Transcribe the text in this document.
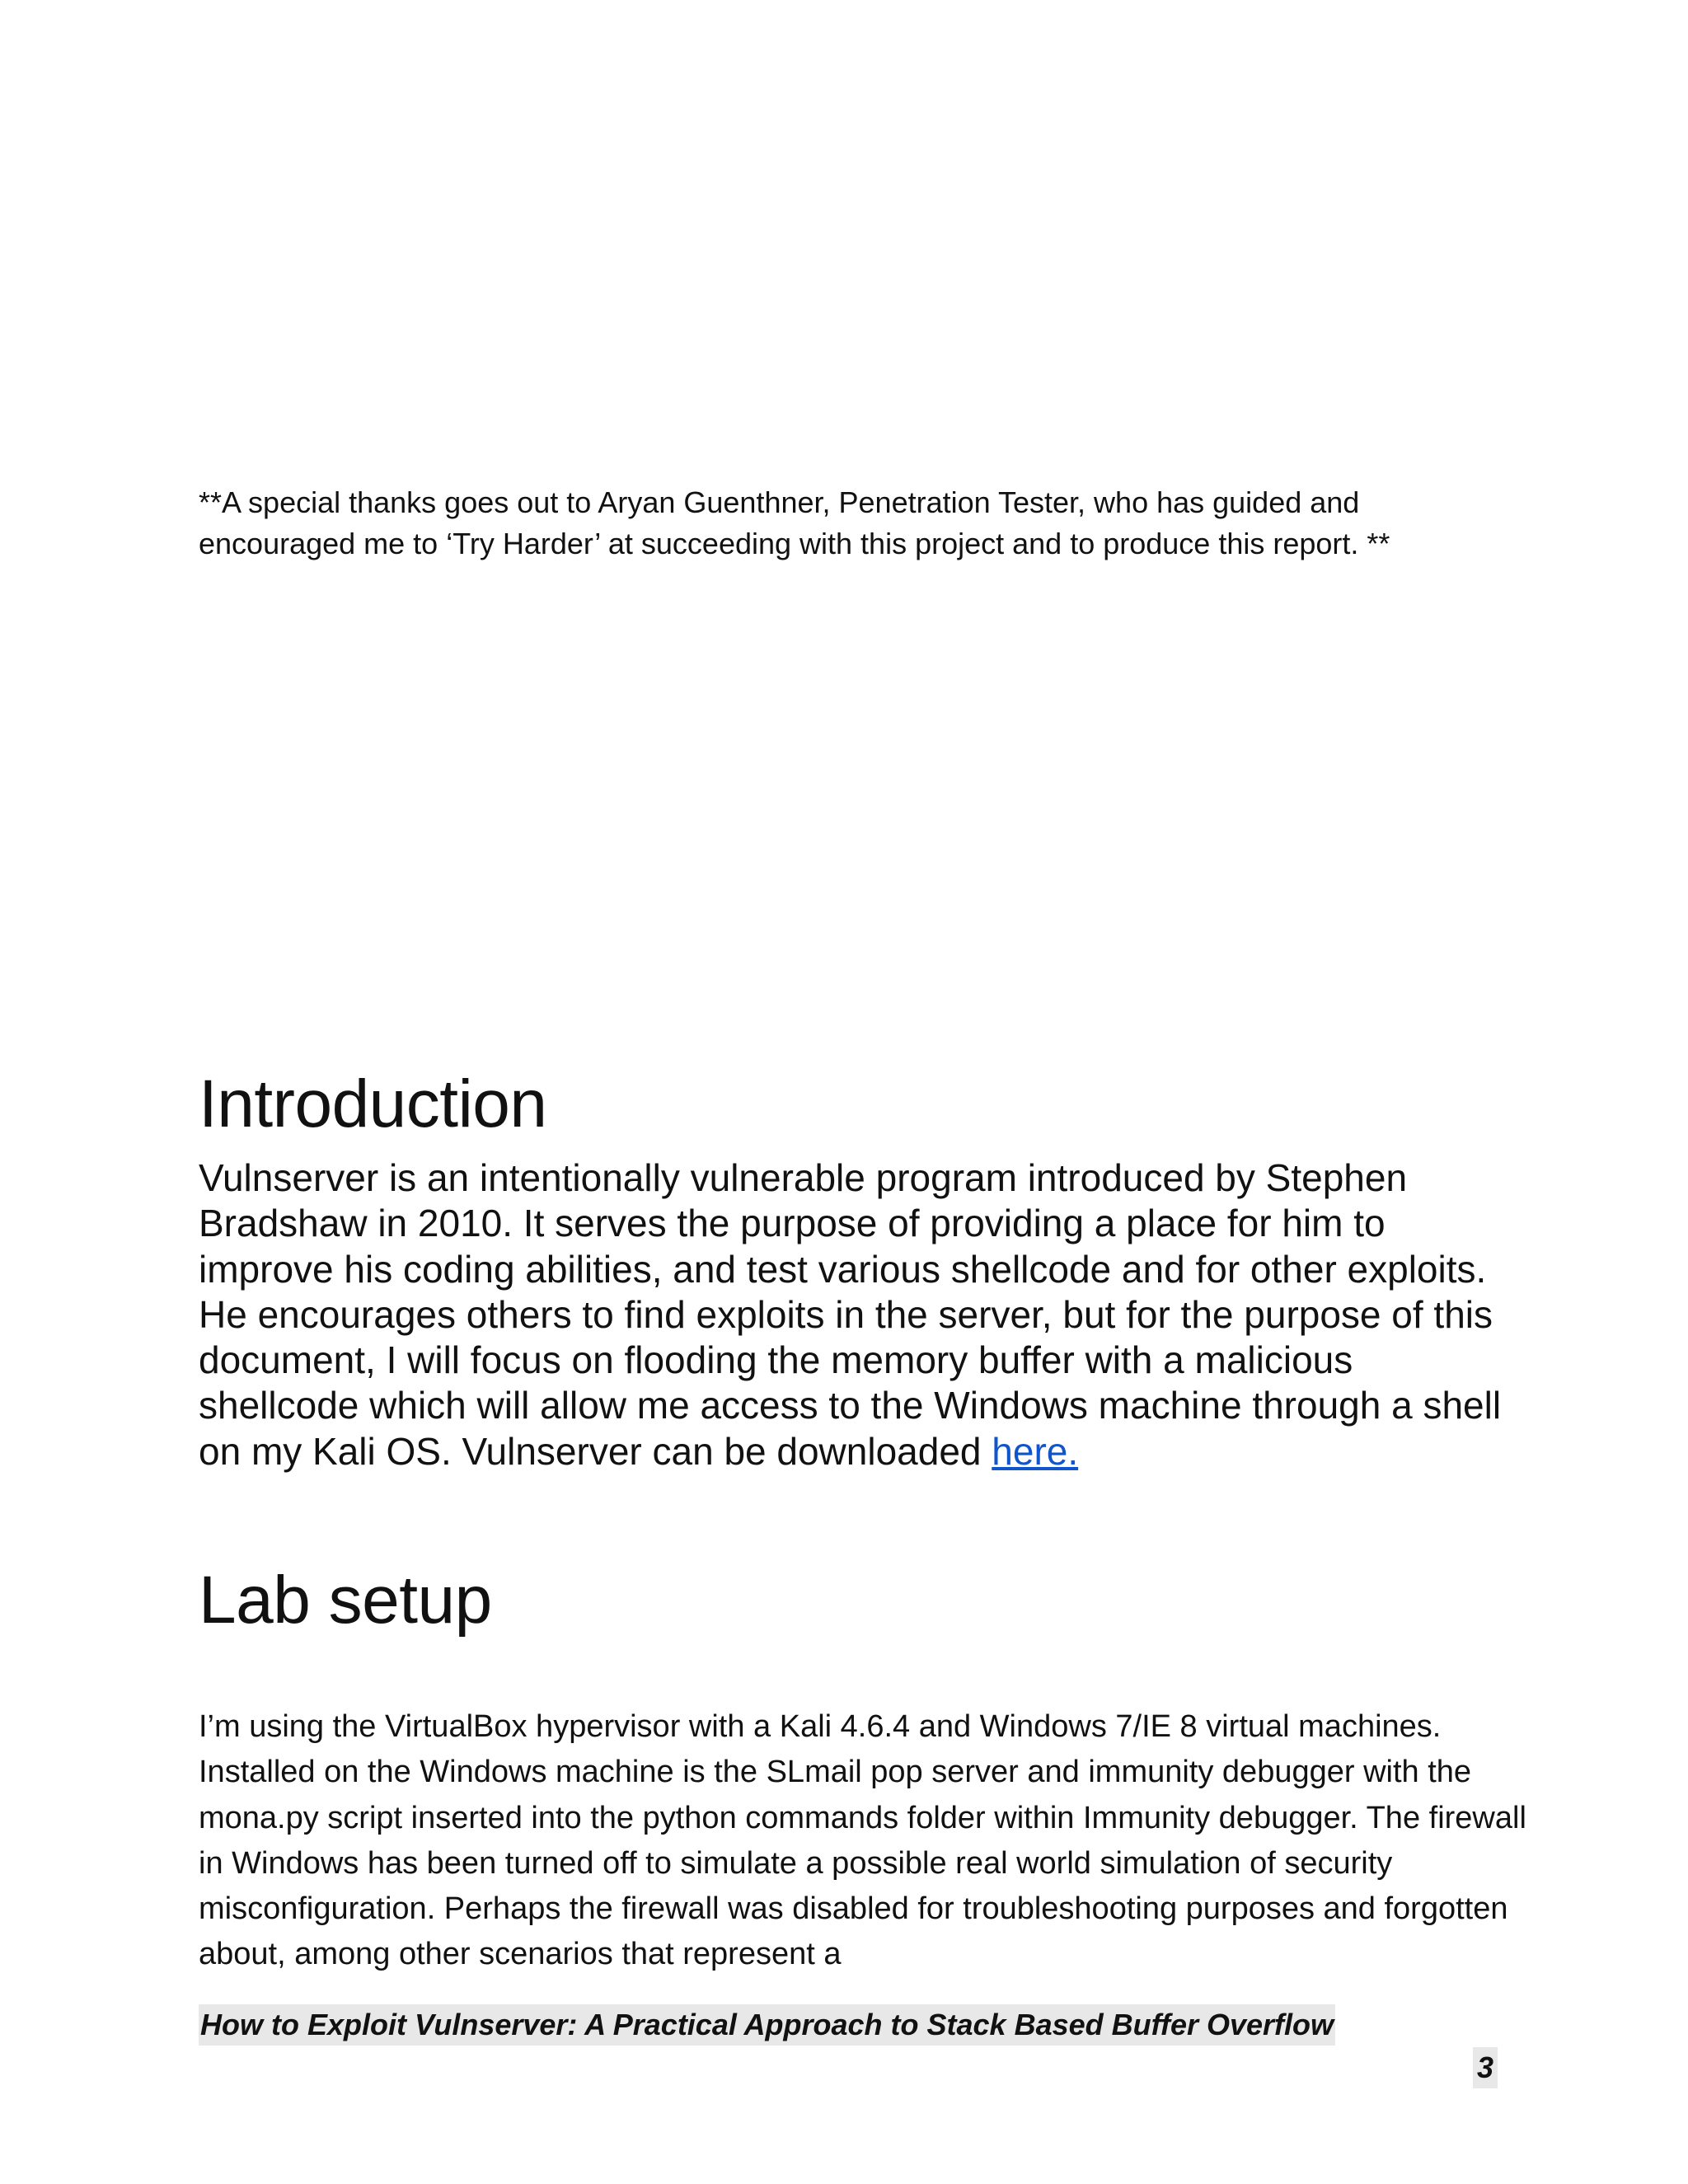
**A special thanks goes out to Aryan Guenthner, Penetration Tester, who has guided and encouraged me to ‘Try Harder’ at succeeding with this project and to produce this report. **

Introduction

Vulnserver is an intentionally vulnerable program introduced by Stephen Bradshaw in 2010. It serves the purpose of providing a place for him to improve his coding abilities, and test various shellcode and for other exploits. He encourages others to find exploits in the server, but for the purpose of this document, I will focus on flooding the memory buffer with a malicious shellcode which will allow me access to the Windows machine through a shell on my Kali OS. Vulnserver can be downloaded here.

Lab setup

I’m using the VirtualBox hypervisor with a Kali 4.6.4 and Windows 7/IE 8 virtual machines. Installed on the Windows machine is the SLmail pop server and immunity debugger with the mona.py script inserted into the python commands folder within Immunity debugger. The firewall in Windows has been turned off to simulate a possible real world simulation of security misconfiguration. Perhaps the firewall was disabled for troubleshooting purposes and forgotten about, among other scenarios that represent a

How to Exploit Vulnserver: A Practical Approach to Stack Based Buffer Overflow
3
